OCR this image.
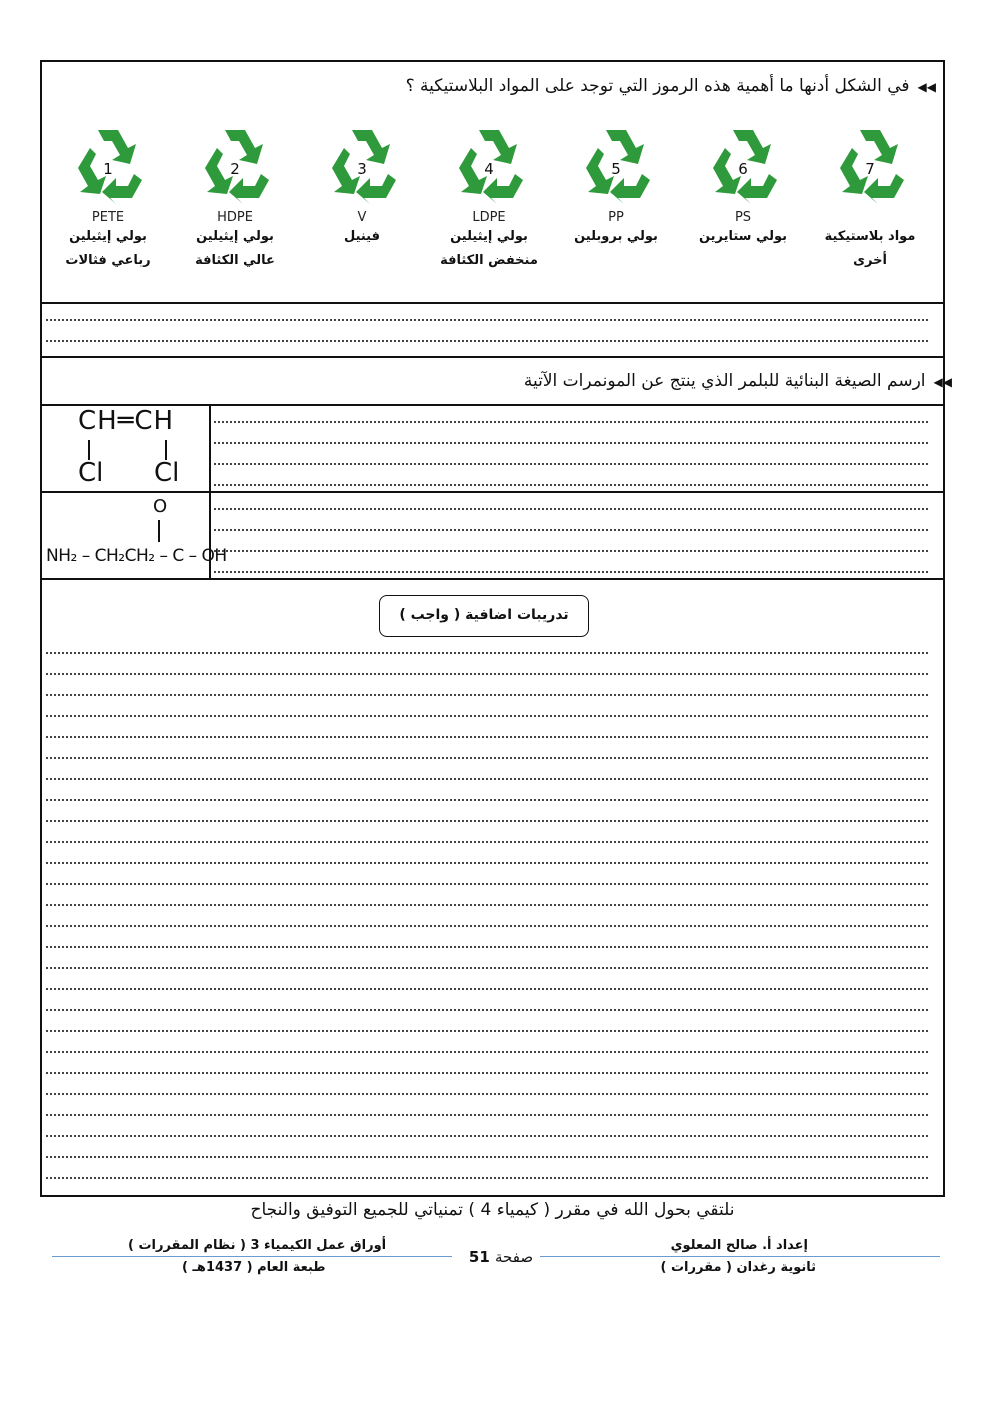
◀◀في الشكل أدنها ما أهمية هذه الرموز التي توجد على المواد البلاستيكية ؟
7
مواد بلاستيكية
أخرى
6
PS
بولي ستايرين
5
PP
بولي بروبلين
4
LDPE
بولي إيثيلين
منخفض الكثافة
3
V
فينيل
2
HDPE
بولي إيثيلين
عالي الكثافة
1
PETE
بولي إيثيلين
رباعي فثالات
◀◀ارسم الصيغة البنائية للبلمر الذي ينتج عن المونمرات الآتية
CH═CH
Cl Cl
O
NH₂ – CH₂CH₂ – C – OH
تدريبات اضافية ( واجب )
نلتقي بحول الله في مقرر ( كيمياء 4 ) تمنياتي للجميع التوفيق والنجاح
إعداد أ. صالح المعلوي
ثانوية رغدان ( مقررات )
صفحة 51
أوراق عمل الكيمياء 3 ( نظام المقررات )
طبعة العام ( 1437هـ )
